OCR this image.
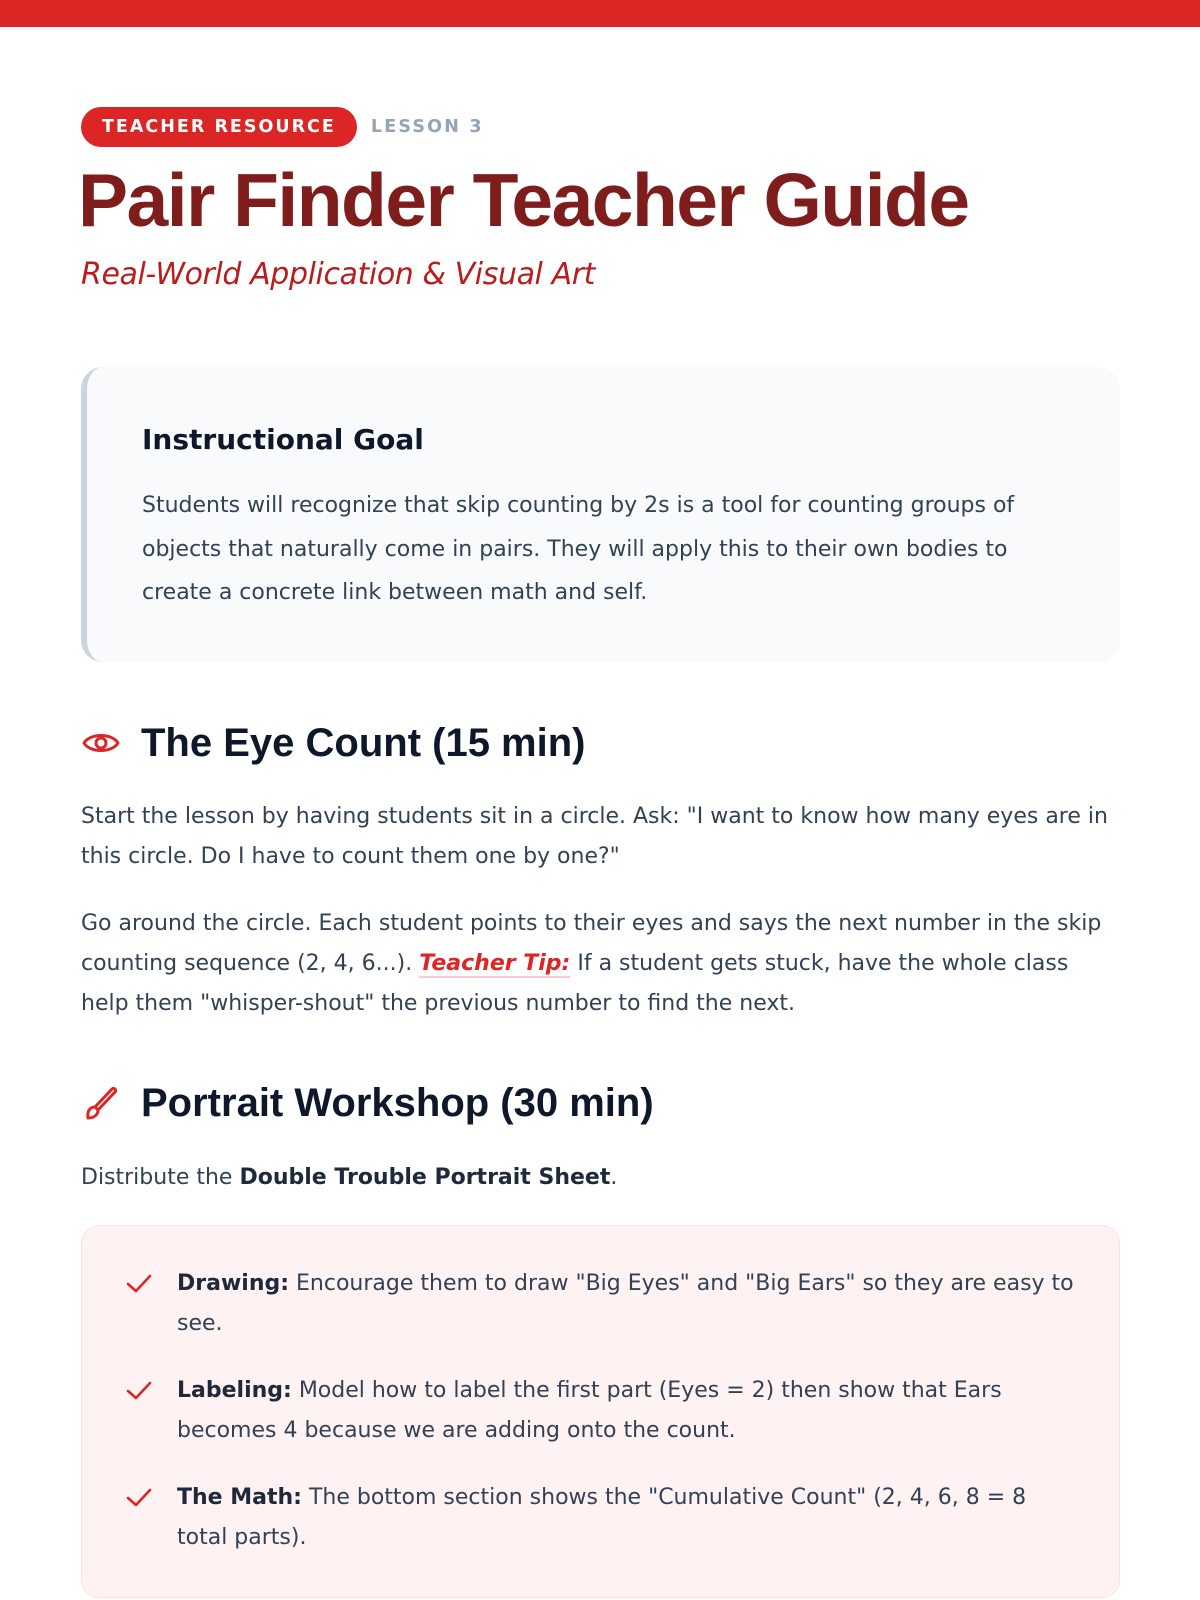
TEACHER RESOURCE	LESSON 3
Pair Finder Teacher Guide
Real-World Application & Visual Art
Instructional Goal
Students will recognize that skip counting by 2s is a tool for counting groups of objects that naturally come in pairs. They will apply this to their own bodies to create a concrete link between math and self.
The Eye Count (15 min)

Start the lesson by having students sit in a circle. Ask: "I want to know how many eyes are in this circle. Do I have to count them one by one?"

Go around the circle. Each student points to their eyes and says the next number in the skip counting sequence (2, 4, 6...). Teacher Tip: If a student gets stuck, have the whole class help them "whisper-shout" the previous number to find the next.

Portrait Workshop (30 min)

Distribute the Double Trouble Portrait Sheet.

Drawing: Encourage them to draw "Big Eyes" and "Big Ears" so they are easy to see.
Labeling: Model how to label the first part (Eyes = 2) then show that Ears becomes 4 because we are adding onto the count.
The Math: The bottom section shows the "Cumulative Count" (2, 4, 6, 8 = 8 total parts).
